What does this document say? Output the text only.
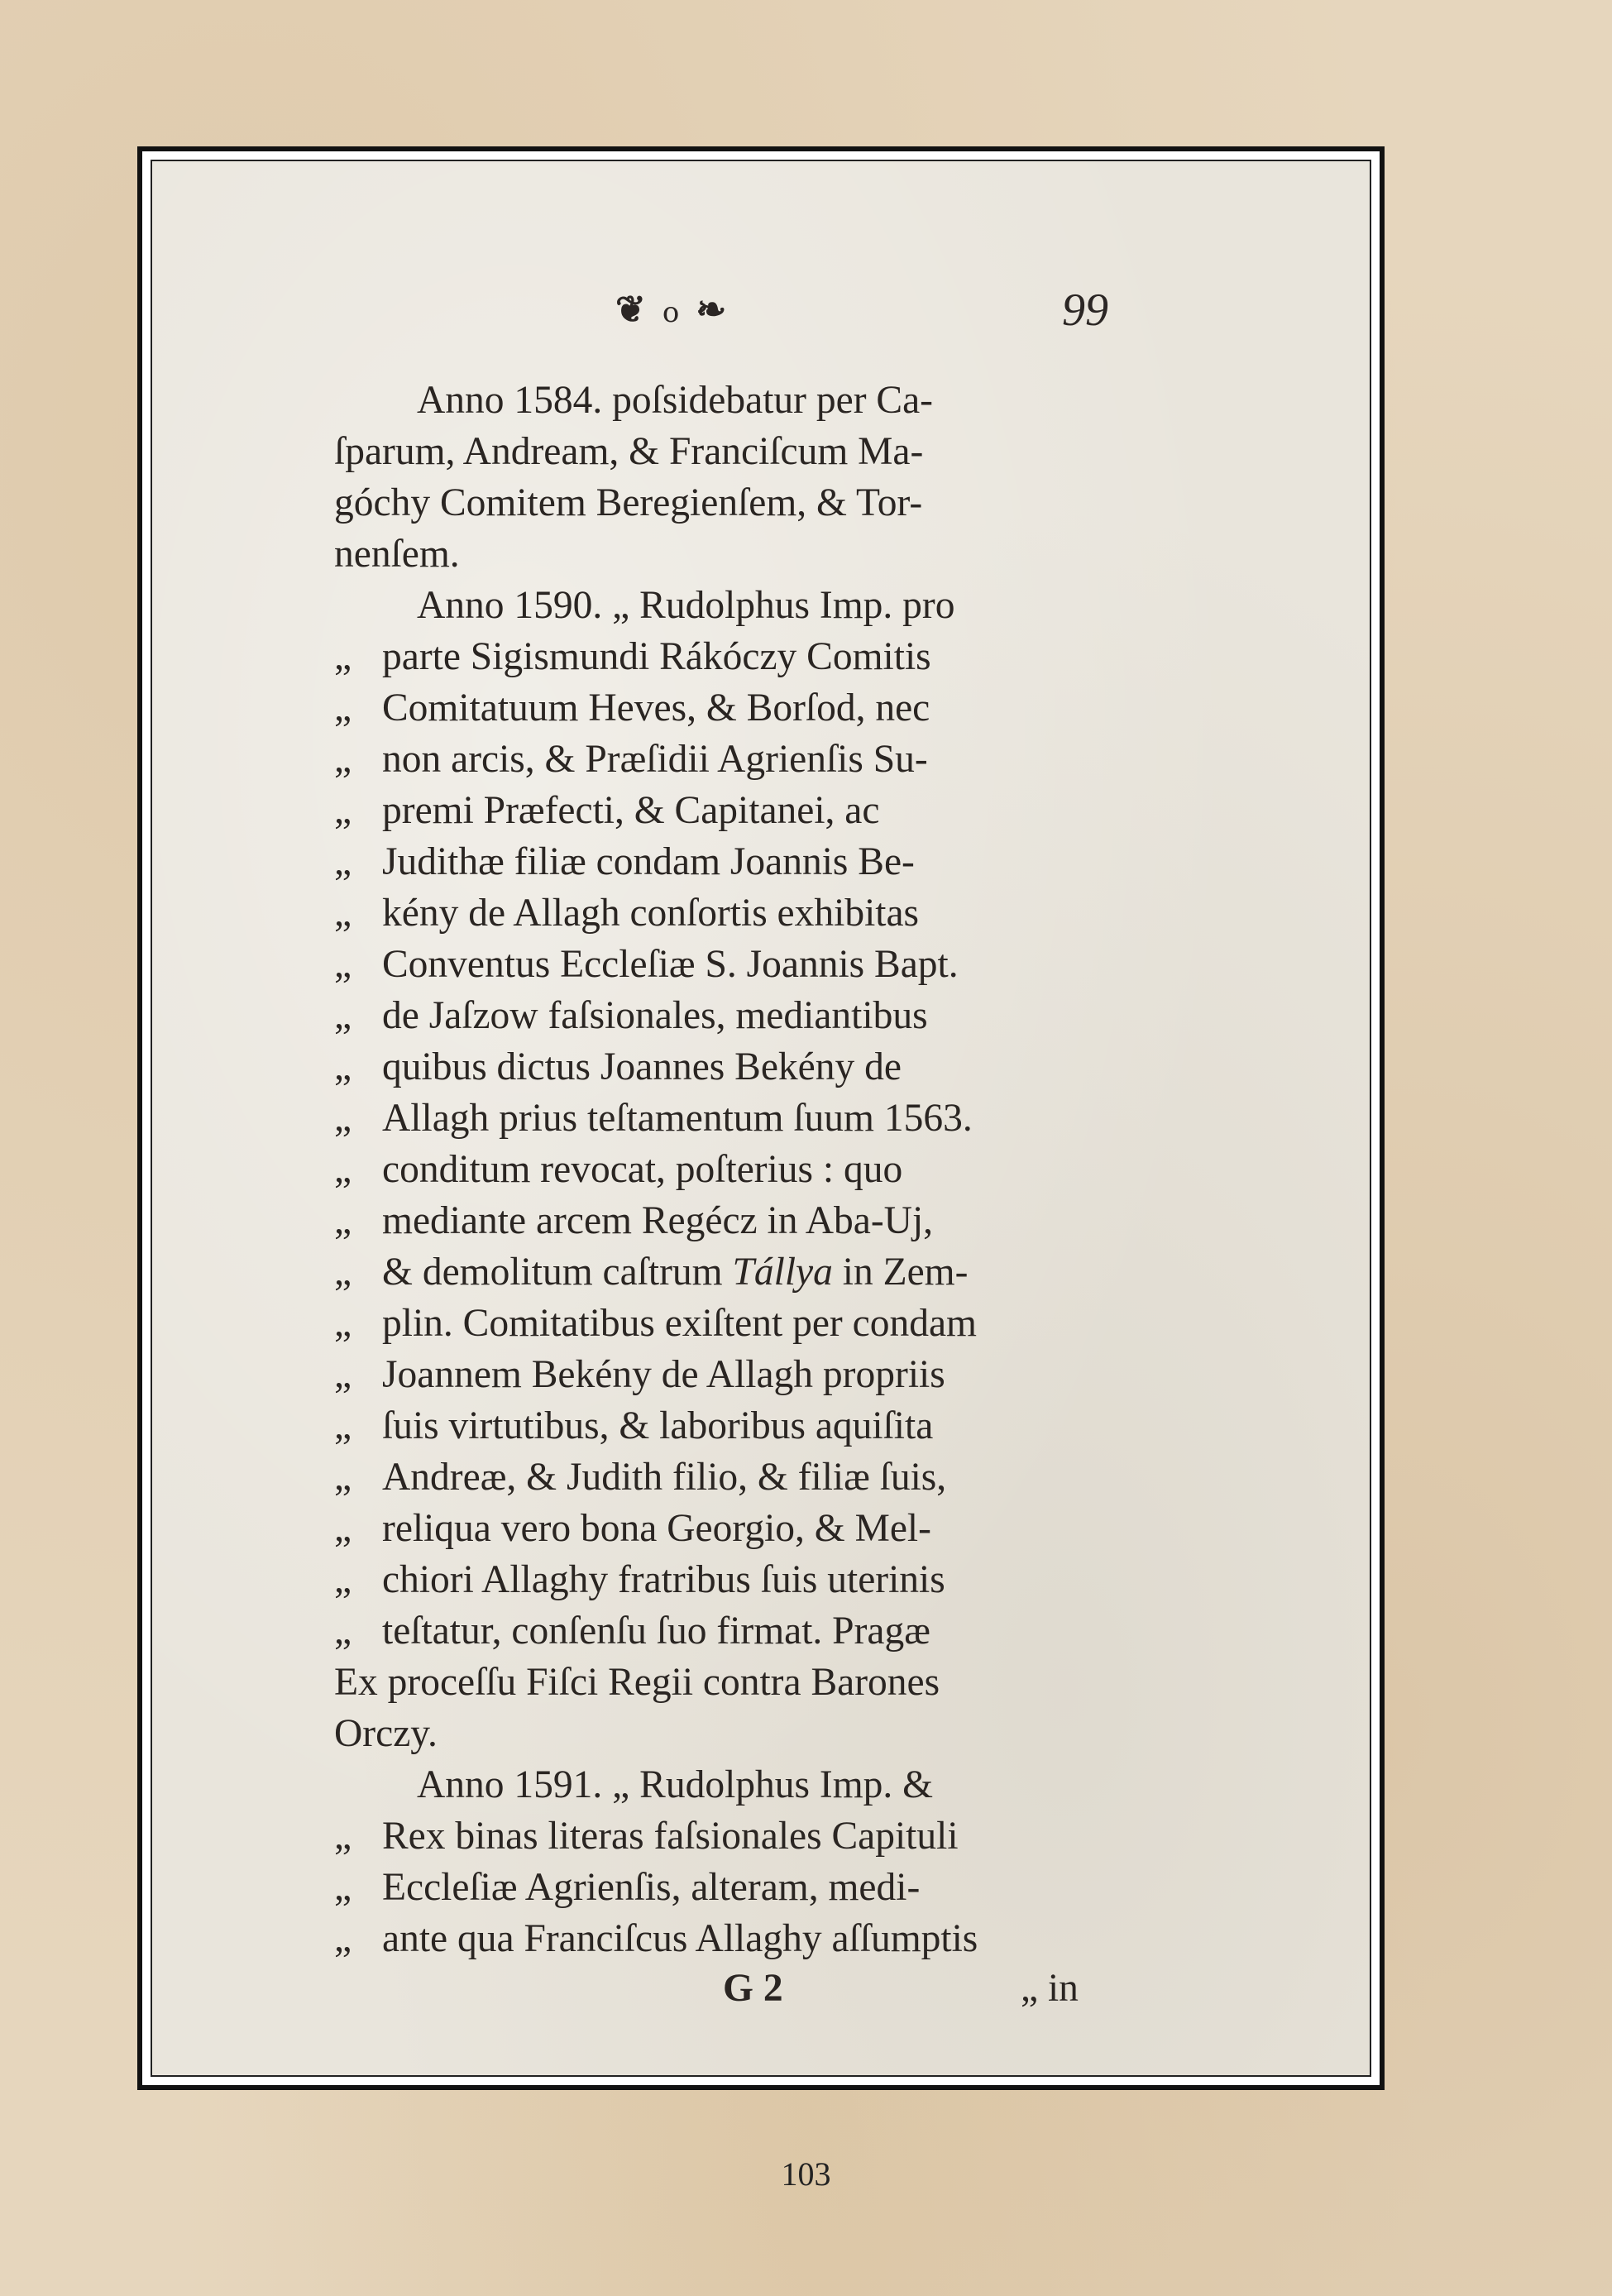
❦ o ❧	99
Anno 1584. poſsidebatur per Ca-
ſparum, Andream, & Franciſcum Ma-
góchy Comitem Beregienſem, & Tor-
nenſem.
Anno 1590. „ Rudolphus Imp. pro
„ parte Sigismundi Rákóczy Comitis
„ Comitatuum Heves, & Borſod, nec
„ non arcis, & Præſidii Agrienſis Su-
„ premi Præfecti, & Capitanei, ac
„ Judithæ filiæ condam Joannis Be-
„ kény de Allagh conſortis exhibitas
„ Conventus Eccleſiæ S. Joannis Bapt.
„ de Jaſzow faſsionales, mediantibus
„ quibus dictus Joannes Bekény de
„ Allagh prius teſtamentum ſuum 1563.
„ conditum revocat, poſterius : quo
„ mediante arcem Regécz in Aba-Uj,
„ & demolitum caſtrum Tállya in Zem-
„ plin. Comitatibus exiſtent per condam
„ Joannem Bekény de Allagh propriis
„ ſuis virtutibus, & laboribus aquiſita
„ Andreæ, & Judith filio, & filiæ ſuis,
„ reliqua vero bona Georgio, & Mel-
„ chiori Allaghy fratribus ſuis uterinis
„ teſtatur, conſenſu ſuo firmat. Pragæ
Ex proceſſu Fiſci Regii contra Barones
Orczy.
Anno 1591. „ Rudolphus Imp. &
„ Rex binas literas faſsionales Capituli
„ Eccleſiæ Agrienſis, alteram, medi-
„ ante qua Franciſcus Allaghy aſſumptis
G 2	„ in
103
